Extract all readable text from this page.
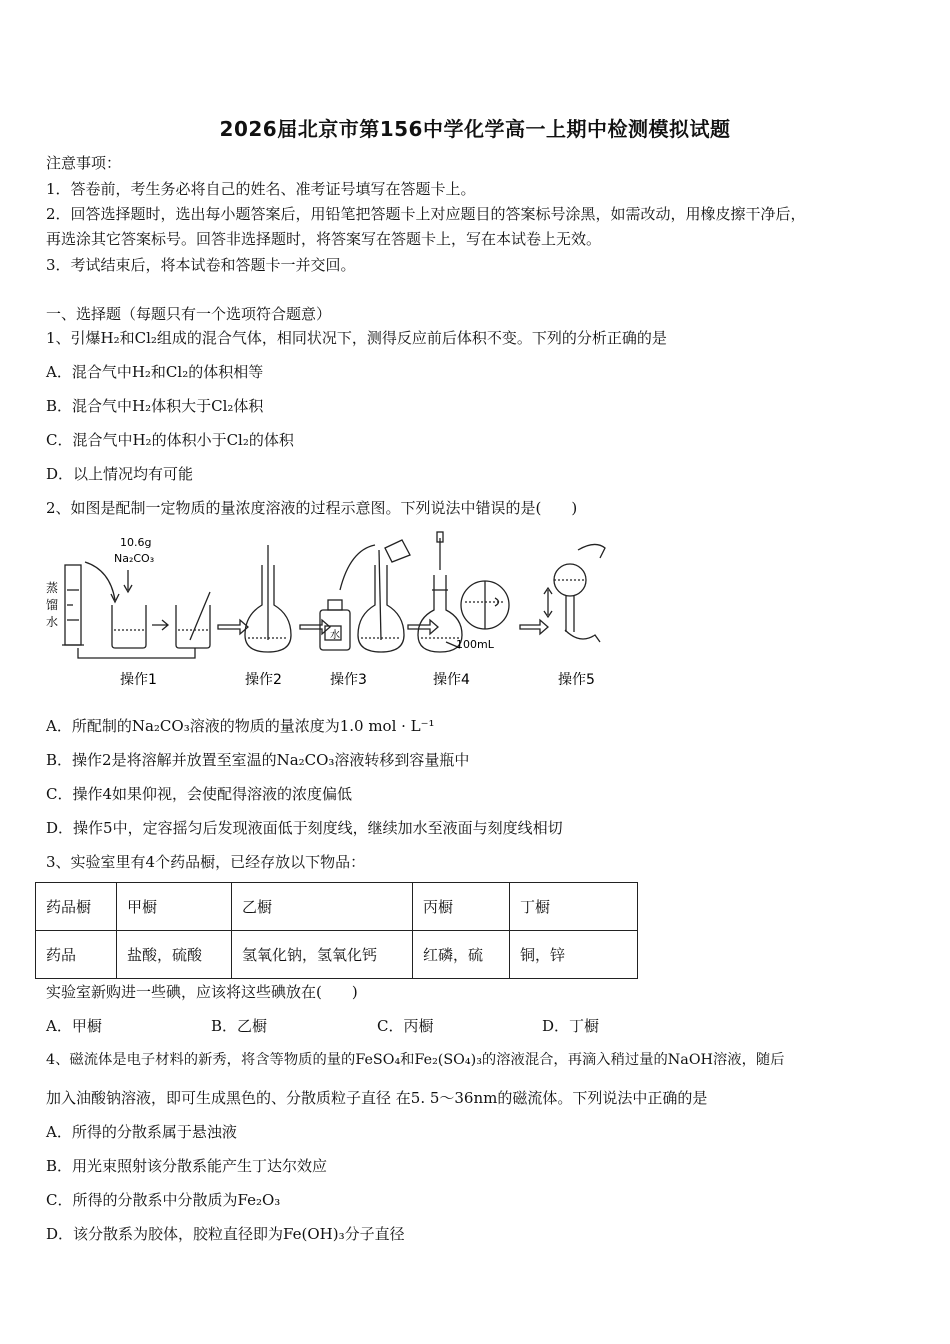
2026届北京市第156中学化学高一上期中检测模拟试题
注意事项：
1．答卷前，考生务必将自己的姓名、准考证号填写在答题卡上。
2．回答选择题时，选出每小题答案后，用铅笔把答题卡上对应题目的答案标号涂黑，如需改动，用橡皮擦干净后，
再选涂其它答案标号。回答非选择题时，将答案写在答题卡上，写在本试卷上无效。
3．考试结束后，将本试卷和答题卡一并交回。
一、选择题（每题只有一个选项符合题意）
1、引爆H₂和Cl₂组成的混合气体，相同状况下，测得反应前后体积不变。下列的分析正确的是
A．混合气中H₂和Cl₂的体积相等
B．混合气中H₂体积大于Cl₂体积
C．混合气中H₂的体积小于Cl₂的体积
D．以上情况均有可能
2、如图是配制一定物质的量浓度溶液的过程示意图。下列说法中错误的是(　　)
10.6g
Na₂CO₃
蒸
馏
水
水
100mL
操作1	操作2	操作3	操作4	操作5
A．所配制的Na₂CO₃溶液的物质的量浓度为1.0 mol · L⁻¹
B．操作2是将溶解并放置至室温的Na₂CO₃溶液转移到容量瓶中
C．操作4如果仰视，会使配得溶液的浓度偏低
D．操作5中，定容摇匀后发现液面低于刻度线，继续加水至液面与刻度线相切
3、实验室里有4个药品橱，已经存放以下物品：
药品橱	甲橱	乙橱	丙橱	丁橱
药品	盐酸，硫酸	氢氧化钠，氢氧化钙	红磷，硫	铜，锌
实验室新购进一些碘，应该将这些碘放在(　　)
A．甲橱	B．乙橱	C．丙橱	D．丁橱
4、磁流体是电子材料的新秀，将含等物质的量的FeSO₄和Fe₂(SO₄)₃的溶液混合，再滴入稍过量的NaOH溶液，随后
加入油酸钠溶液，即可生成黑色的、分散质粒子直径 在5. 5～36nm的磁流体。下列说法中正确的是
A．所得的分散系属于悬浊液
B．用光束照射该分散系能产生丁达尔效应
C．所得的分散系中分散质为Fe₂O₃
D．该分散系为胶体，胶粒直径即为Fe(OH)₃分子直径
